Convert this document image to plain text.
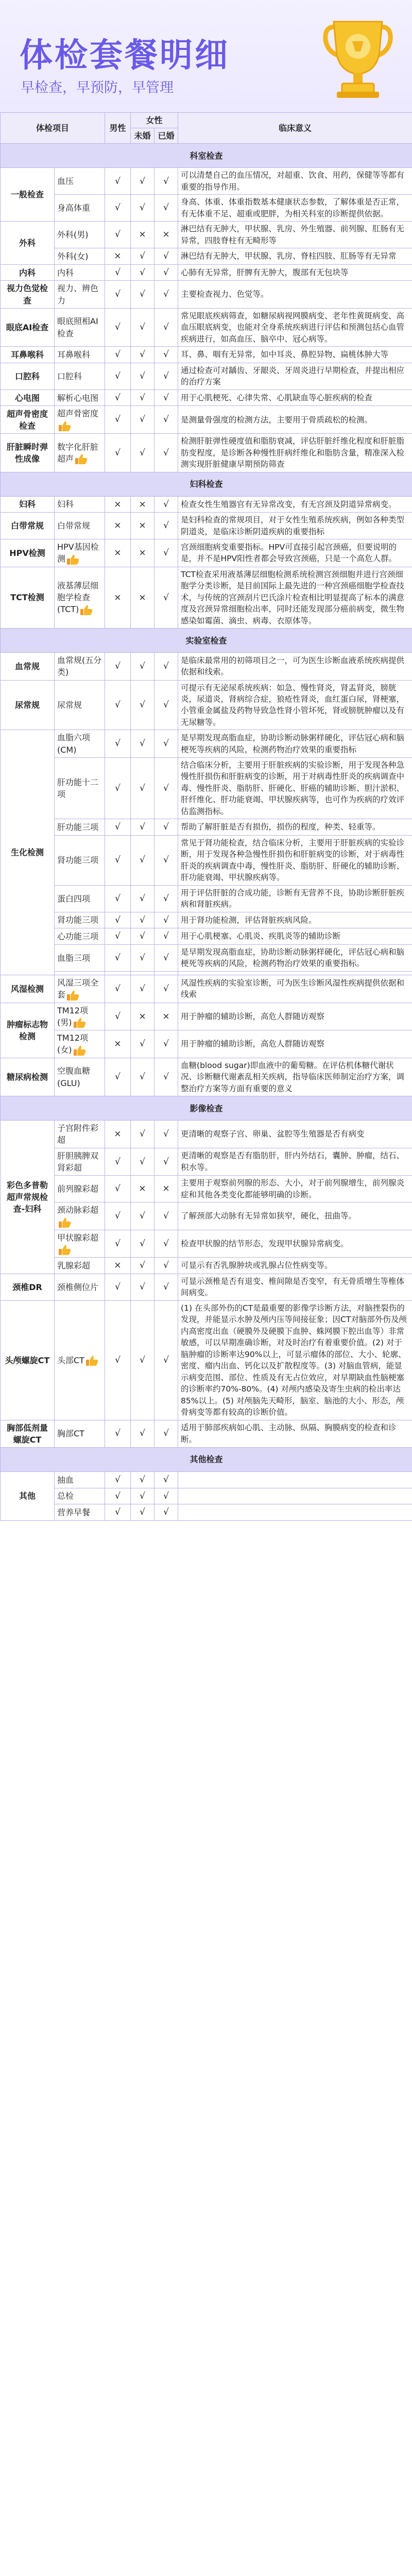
体检套餐明细
早检查，早预防，早管理
体检项目		男性	女性		临床意义
			未婚	已婚	
科室检查					
一般检查	血压	√	√	√	可以清楚自己的血压情况，对超重、饮食、用药，保健等等都有重要的指导作用。
	身高体重	√	√	√	身高、体重、体重指数基本健康状态参数，了解体重是否正常，有无体重不足、超重或肥胖，为相关科室的诊断提供依据。
外科	外科(男)	√	×	×	淋巴结有无肿大，甲状腺、乳房、外生殖器、前列腺、肛肠有无异常，四肢脊柱有无畸形等
	外科(女)	×	√	√	淋巴结有无肿大，甲状腺、乳房、脊柱四肢、肛肠等有无异常
内科	内科	√	√	√	心肺有无异常，肝脾有无肿大，腹部有无包块等
视力色觉检查	视力、辨色力	√	√	√	主要检查视力、色觉等。
眼底AI检查	眼底照相AI检查	√	√	√	常见眼底疾病筛查，如糖尿病视网膜病变、老年性黄斑病变、高血压眼底病变，也能对全身系统疾病进行评估和预测包括心血管疾病进行，如高血压、脑卒中、冠心病等。
耳鼻喉科	耳鼻喉科	√	√	√	耳、鼻、咽有无异常，如中耳炎、鼻腔异物、扁桃体肿大等
口腔科	口腔科	√	√	√	通过检查可对龋齿、牙龈炎、牙周炎进行早期检查，并提出相应的治疗方案
心电图	解析心电图	√	√	√	用于心肌梗死、心律失常、心肌缺血等心脏疾病的检查
超声骨密度检查	超声骨密度	√	√	√	是测量骨强度的检测方法，主要用于骨质疏松的检测。
肝脏瞬时弹性成像	数字化肝脏超声	√	√	√	检测肝脏弹性硬度值和脂肪衰减，评估肝脏纤维化程度和肝脏脂肪变程度，是诊断各种慢性肝病纤维化和脂肪含量，精准深入检测实现肝脏健康早期预防筛查
妇科检查					
妇科	妇科	×	×	√	检查女性生殖器官有无异常改变，有无宫颈及阴道异常病变。
白带常规	白带常规	×	×	√	是妇科检查的常规项目，对于女性生殖系统疾病，例如各种类型阴道炎，是临床诊断阴道疾病的重要指标
HPV检测	HPV基因检测	×	×	√	宫颈细胞病变重要指标。HPV可直接引起宫颈癌，但要说明的是，并不是HPV阳性者都会导致宫颈癌，只是一个高危人群。
TCT检测	液基薄层细胞学检查(TCT)	×	×	√	TCT检查采用液基薄层细胞检测系统检测宫颈细胞并进行宫颈细胞学分类诊断，是目前国际上最先进的一种宫颈癌细胞学检查技术，与传统的宫颈刮片巴氏涂片检查相比明显提高了标本的满意度及宫颈异常细胞检出率，同时还能发现部分癌前病变，微生物感染如霉菌、滴虫、病毒、衣原体等。
实验室检查					
血常规	血常规(五分类)	√	√	√	是临床最常用的初筛项目之一，可为医生诊断血液系统疾病提供依据和线索。
尿常规	尿常规	√	√	√	可提示有无泌尿系统疾病：如急、慢性肾炎，肾盂肾炎，膀胱炎，尿道炎，肾病综合症，狼疮性肾炎，血红蛋白尿，肾梗塞，小管重金属盐及药物导致急性肾小管坏死，肾或膀胱肿瘤以及有无尿糖等。
生化检测	血脂六项(CM)	√	√	√	是早期发现高脂血症，协助诊断动脉粥样硬化，评估冠心病和脑梗死等疾病的风险，检测药物治疗效果的重要指标
	肝功能十二项	√	√	√	结合临床分析，主要用于肝脏疾病的实验诊断，用于发现各种急慢性肝损伤和肝脏病变的诊断，用于对病毒性肝炎的疾病调查中毒、慢性肝炎、脂肪肝、肝硬化、肝癌的辅助诊断、胆汁淤积、肝纤维化、肝功能衰竭、甲状腺疾病等，也可作为疾病的疗效评估监测指标。
	肝功能三项	√	√	√	帮助了解肝脏是否有损伤，损伤的程度，种类、轻重等。
	肾功能三项	√	√	√	常见于肾功能检查，结合临床分析，主要用于肝脏疾病的实验诊断，用于发现各种急慢性肝损伤和肝脏病变的诊断，对于病毒性肝炎的疾病调查中毒，慢性肝炎、脂肪肝、肝硬化的辅助诊断、肝功能衰竭、甲状腺疾病等。
	蛋白四项	√	√	√	用于评估肝脏的合成功能，诊断有无营养不良，协助诊断肝脏疾病和肾脏疾病。
	肾功能三项	√	√	√	用于肾功能检测，评估肾脏疾病风险。
	心功能三项	√	√	√	用于心肌梗塞、心肌炎、疾肌炎等的辅助诊断
	血脂三项	√	√	√	是早期发现高脂血症，协助诊断动脉粥样硬化，评估冠心病和脑梗死等疾病的风险，检测药物治疗效果的重要指标。

风湿检测	风湿三项全套	√	√	√	风湿性疾病的实验室诊断，可为医生诊断风湿性疾病提供依据和线索
肿瘤标志物检测	TM12项(男)	√	×	×	用于肿瘤的辅助诊断，高危人群随访观察
	TM12项(女)	×	√	√	用于肿瘤的辅助诊断，高危人群随访观察
糖尿病检测	空腹血糖(GLU)	√	√	√	血糖(blood sugar)即血液中的葡萄糖。在评估机体糖代谢状况、诊断糖代谢紊乱相关疾病，指导临床医师制定治疗方案，调整治疗方案等方面有重要的意义
影像检查					
彩色多普勒超声常规检查-妇科	子宫附件彩超	×	√	√	更清晰的观察子宫、卵巢、盆腔等生殖器是否有病变
	肝胆胰脾双肾彩超	√	√	√	更清晰的观察是否有脂肪肝，肝内外结石，囊肿、肿瘤，结石、积水等。
	前列腺彩超	√	×	×	主要用于观察前列腺的形态、大小，对于前列腺增生，前列腺炎症和其他各类变化都能够明确的诊断。
	颈动脉彩超	√	√	√	了解颈部大动脉有无异常如狭窄，硬化，扭曲等。
	甲状腺彩超	√	√	√	检查甲状腺的结节形态，发现甲状腺异常病变。
	乳腺彩超	×	√	√	可显示有否乳腺肿块或乳腺占位性病变等。
颈椎DR	颈椎侧位片	√	√	√	可显示颈椎是否有退变、椎间隙是否变窄，有无骨质增生等椎体间病变。
头颅螺旋CT	头部CT	√	√	√	(1) 在头部外伤的CT是最重要的影像学诊断方法，对脑挫裂伤的发现，并能显示水肿及颅内压等间接征象；因CT对脑部外伤及颅内高密度出血（硬膜外及硬膜下血肿、蛛网膜下腔出血等）非常敏感，可以早期准确诊断，对及时治疗有着重要价值。(2) 对于脑肿瘤的诊断率达90%以上，可显示瘤体的部位、大小、轮廓、密度、瘤内出血、钙化以及扩散程度等。(3) 对脑血管病，能显示病变范围、部位、性质及有无占位效应，对早期缺血性脑梗塞的诊断率约70%-80%。(4) 对颅内感染及寄生虫病的检出率达85%以上。(5) 对颅脑先天畸形，脑室、脑池的大小、形态，颅骨病变等都有较高的诊断价值。
胸部低剂量螺旋CT	胸部CT	√	√	√	适用于肺部疾病如心肌、主动脉、纵隔、胸膜病变的检查和诊断。
其他检查					
其他	抽血	√	√	√	
	总检	√	√	√	
	营养早餐	√	√	√	
